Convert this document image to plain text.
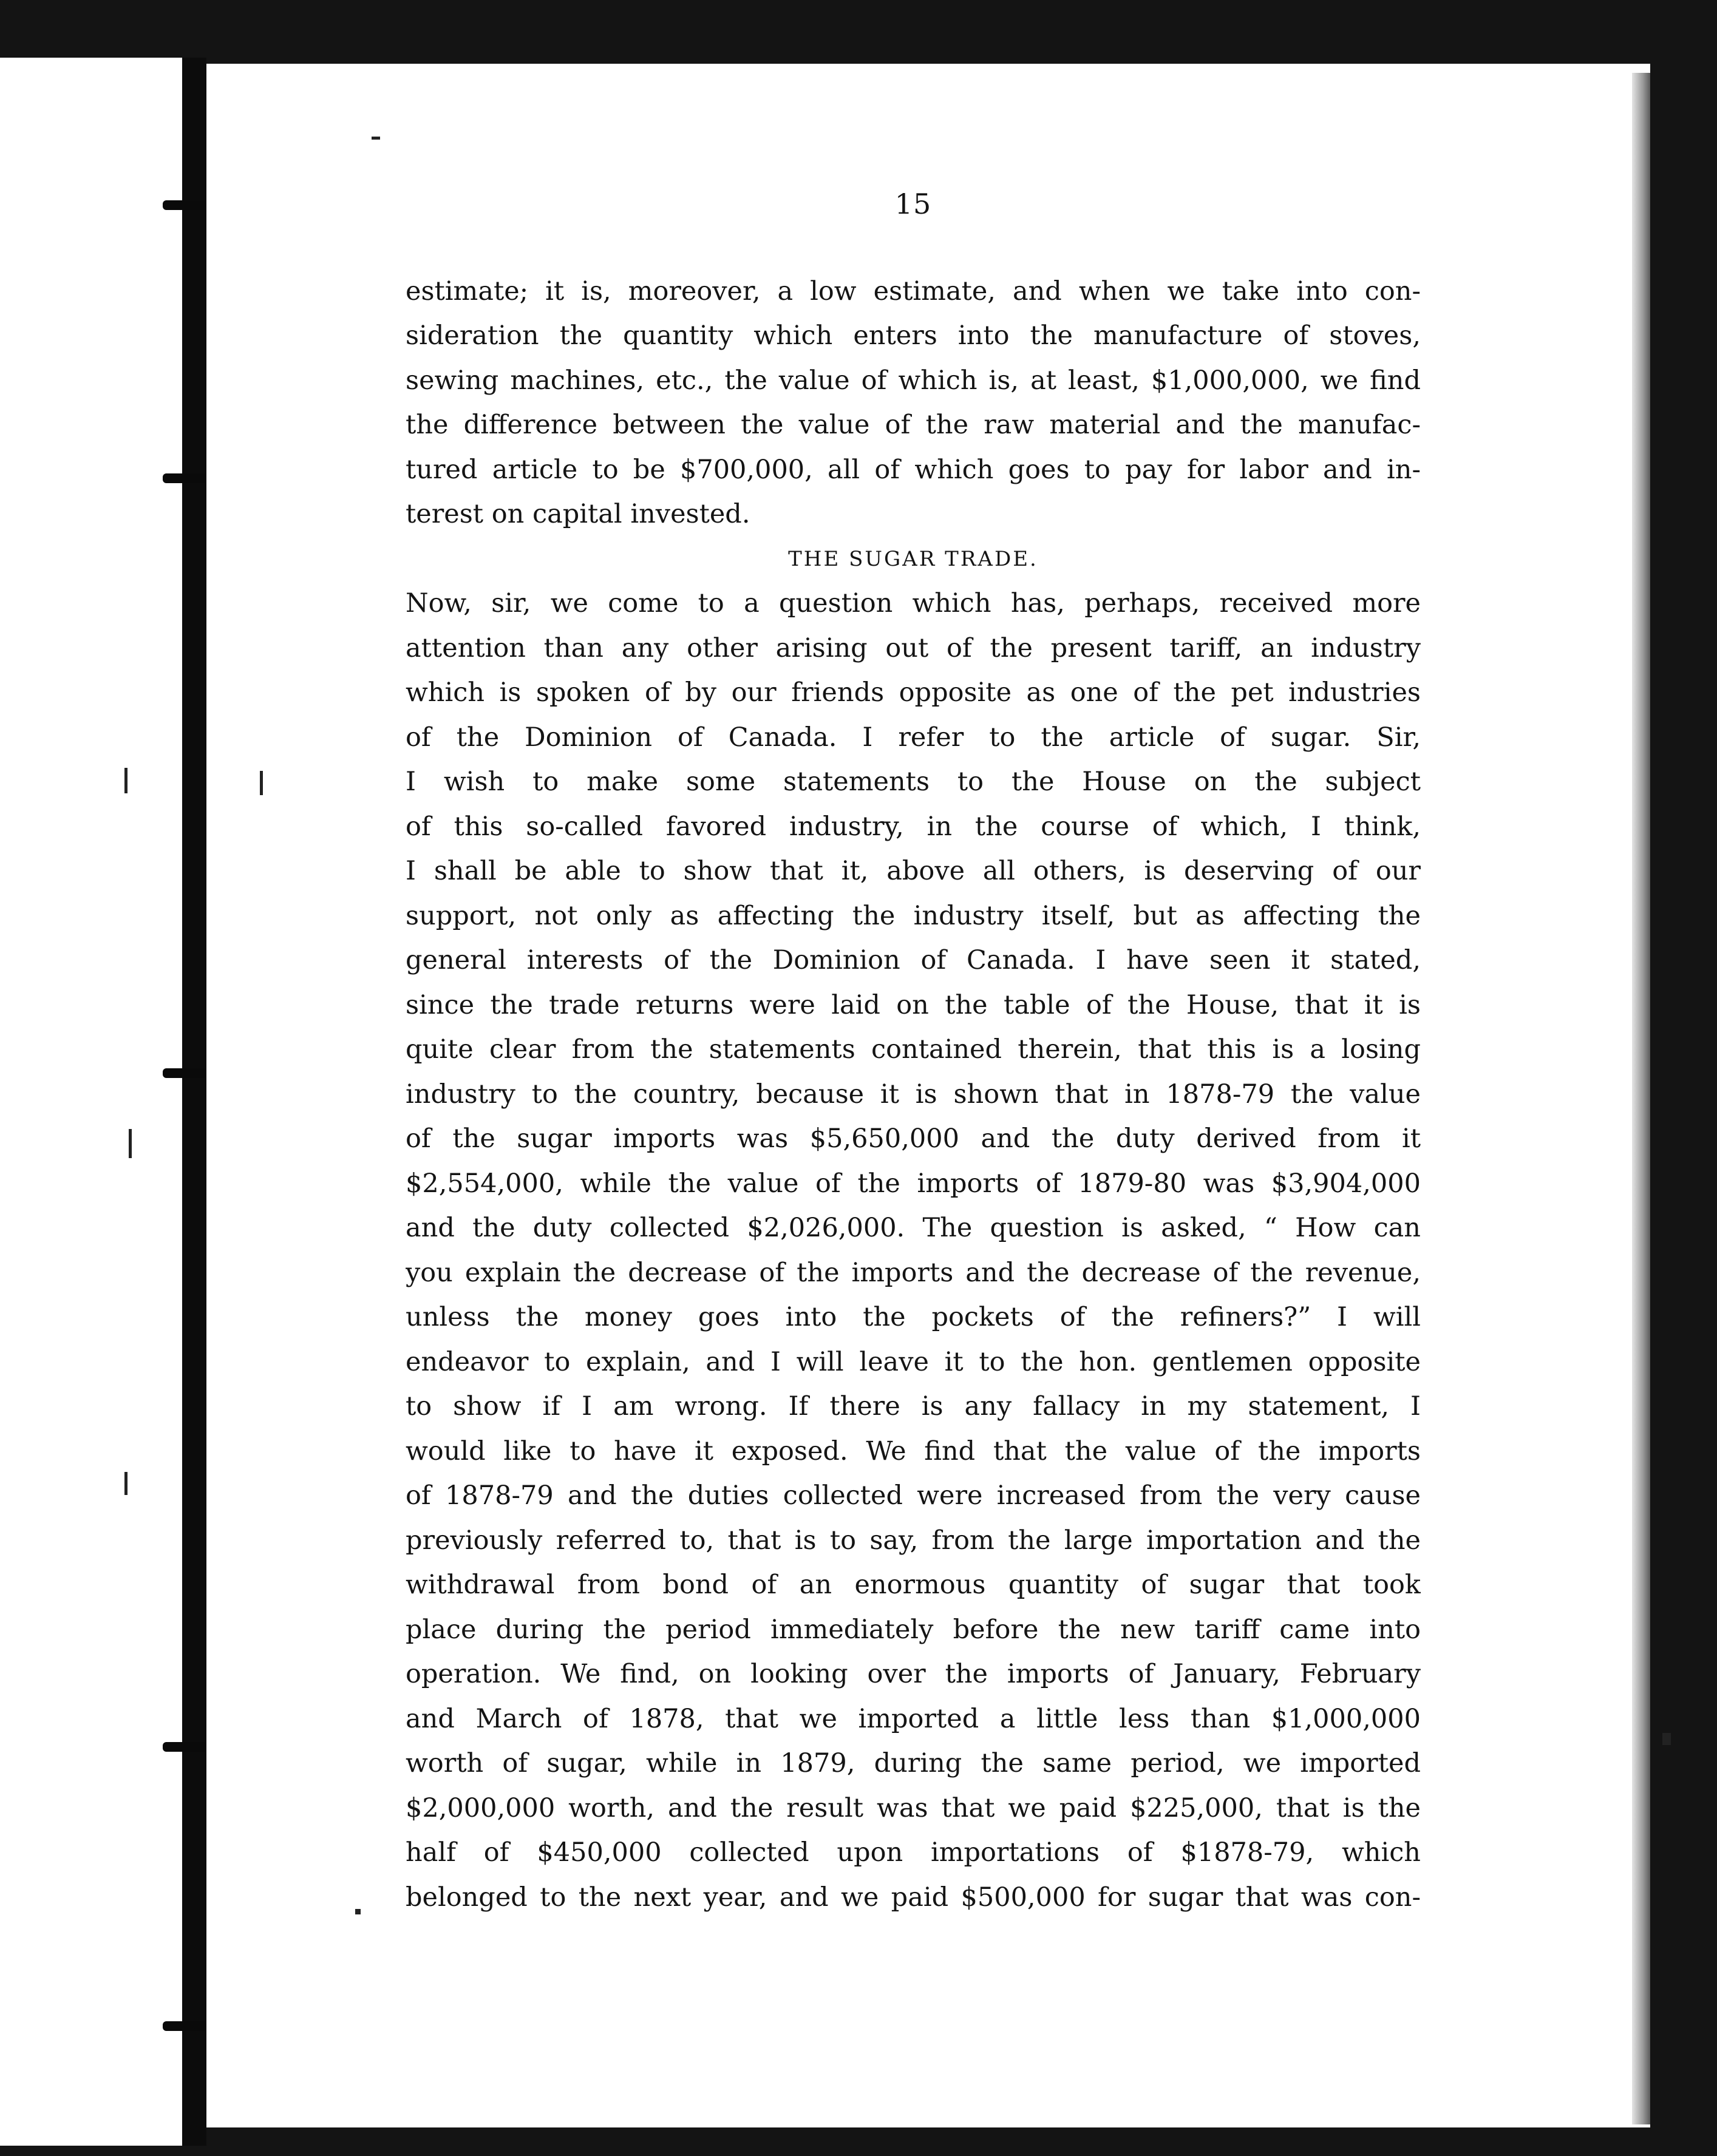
15
estimate; it is, moreover, a low estimate, and when we take into con-
sideration the quantity which enters into the manufacture of stoves,
sewing machines, etc., the value of which is, at least, $1,000,000, we find
the difference between the value of the raw material and the manufac-
tured article to be $700,000, all of which goes to pay for labor and in-
terest on capital invested.
THE SUGAR TRADE.
Now, sir, we come to a question which has, perhaps, received more
attention than any other arising out of the present tariff, an industry
which is spoken of by our friends opposite as one of the pet industries
of the Dominion of Canada. I refer to the article of sugar. Sir,
I wish to make some statements to the House on the subject
of this so-called favored industry, in the course of which, I think,
I shall be able to show that it, above all others, is deserving of our
support, not only as affecting the industry itself, but as affecting the
general interests of the Dominion of Canada. I have seen it stated,
since the trade returns were laid on the table of the House, that it is
quite clear from the statements contained therein, that this is a losing
industry to the country, because it is shown that in 1878-79 the value
of the sugar imports was $5,650,000 and the duty derived from it
$2,554,000, while the value of the imports of 1879-80 was $3,904,000
and the duty collected $2,026,000. The question is asked, “ How can
you explain the decrease of the imports and the decrease of the revenue,
unless the money goes into the pockets of the refiners?” I will
endeavor to explain, and I will leave it to the hon. gentlemen opposite
to show if I am wrong. If there is any fallacy in my statement, I
would like to have it exposed. We find that the value of the imports
of 1878-79 and the duties collected were increased from the very cause
previously referred to, that is to say, from the large importation and the
withdrawal from bond of an enormous quantity of sugar that took
place during the period immediately before the new tariff came into
operation. We find, on looking over the imports of January, February
and March of 1878, that we imported a little less than $1,000,000
worth of sugar, while in 1879, during the same period, we imported
$2,000,000 worth, and the result was that we paid $225,000, that is the
half of $450,000 collected upon importations of $1878-79, which
belonged to the next year, and we paid $500,000 for sugar that was con-
